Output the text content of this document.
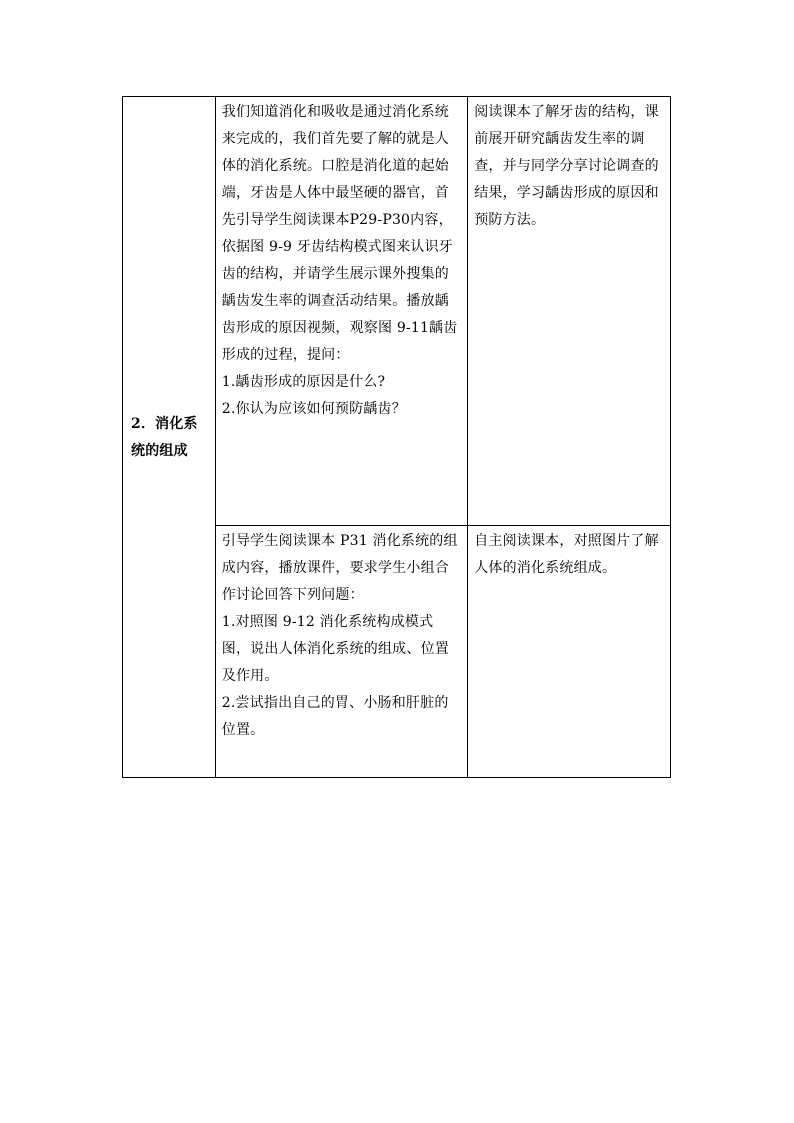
2．消化系统的组成	我们知道消化和吸收是通过消化系统来完成的，我们首先要了解的就是人体的消化系统。口腔是消化道的起始端，牙齿是人体中最坚硬的器官，首先引导学生阅读课本P29-P30内容，依据图 9-9 牙齿结构模式图来认识牙齿的结构，并请学生展示课外搜集的龋齿发生率的调查活动结果。播放龋齿形成的原因视频，观察图 9-11龋齿形成的过程，提问：
1.龋齿形成的原因是什么?
2.你认为应该如何预防龋齿？	阅读课本了解牙齿的结构，课前展开研究龋齿发生率的调查，并与同学分享讨论调查的结果，学习龋齿形成的原因和预防方法。

	引导学生阅读课本 P31 消化系统的组成内容，播放课件，要求学生小组合作讨论回答下列问题：
1.对照图 9-12 消化系统构成模式图，说出人体消化系统的组成、位置及作用。
2.尝试指出自己的胃、小肠和肝脏的位置。	自主阅读课本，对照图片了解人体的消化系统组成。
